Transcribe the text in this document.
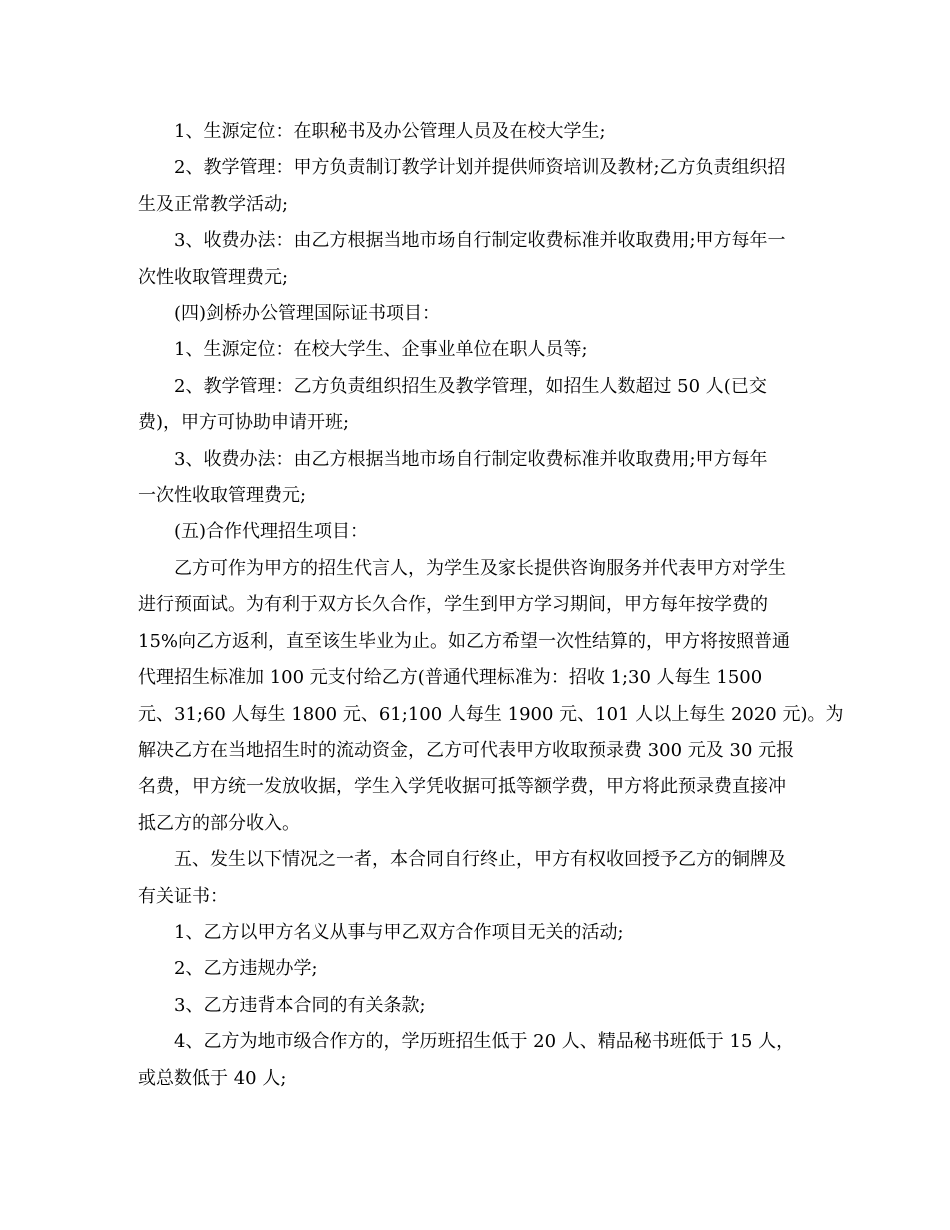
1、生源定位：在职秘书及办公管理人员及在校大学生;
2、教学管理：甲方负责制订教学计划并提供师资培训及教材;乙方负责组织招
生及正常教学活动;
3、收费办法：由乙方根据当地市场自行制定收费标准并收取费用;甲方每年一
次性收取管理费元;
(四)剑桥办公管理国际证书项目：
1、生源定位：在校大学生、企事业单位在职人员等;
2、教学管理：乙方负责组织招生及教学管理，如招生人数超过 50 人(已交
费)，甲方可协助申请开班;
3、收费办法：由乙方根据当地市场自行制定收费标准并收取费用;甲方每年
一次性收取管理费元;
(五)合作代理招生项目：
乙方可作为甲方的招生代言人，为学生及家长提供咨询服务并代表甲方对学生
进行预面试。为有利于双方长久合作，学生到甲方学习期间，甲方每年按学费的
15%向乙方返利，直至该生毕业为止。如乙方希望一次性结算的，甲方将按照普通
代理招生标准加 100 元支付给乙方(普通代理标准为：招收 1;30 人每生 1500
元、31;60 人每生 1800 元、61;100 人每生 1900 元、101 人以上每生 2020 元)。为
解决乙方在当地招生时的流动资金，乙方可代表甲方收取预录费 300 元及 30 元报
名费，甲方统一发放收据，学生入学凭收据可抵等额学费，甲方将此预录费直接冲
抵乙方的部分收入。
五、发生以下情况之一者，本合同自行终止，甲方有权收回授予乙方的铜牌及
有关证书：
1、乙方以甲方名义从事与甲乙双方合作项目无关的活动;
2、乙方违规办学;
3、乙方违背本合同的有关条款;
4、乙方为地市级合作方的，学历班招生低于 20 人、精品秘书班低于 15 人，
或总数低于 40 人;
